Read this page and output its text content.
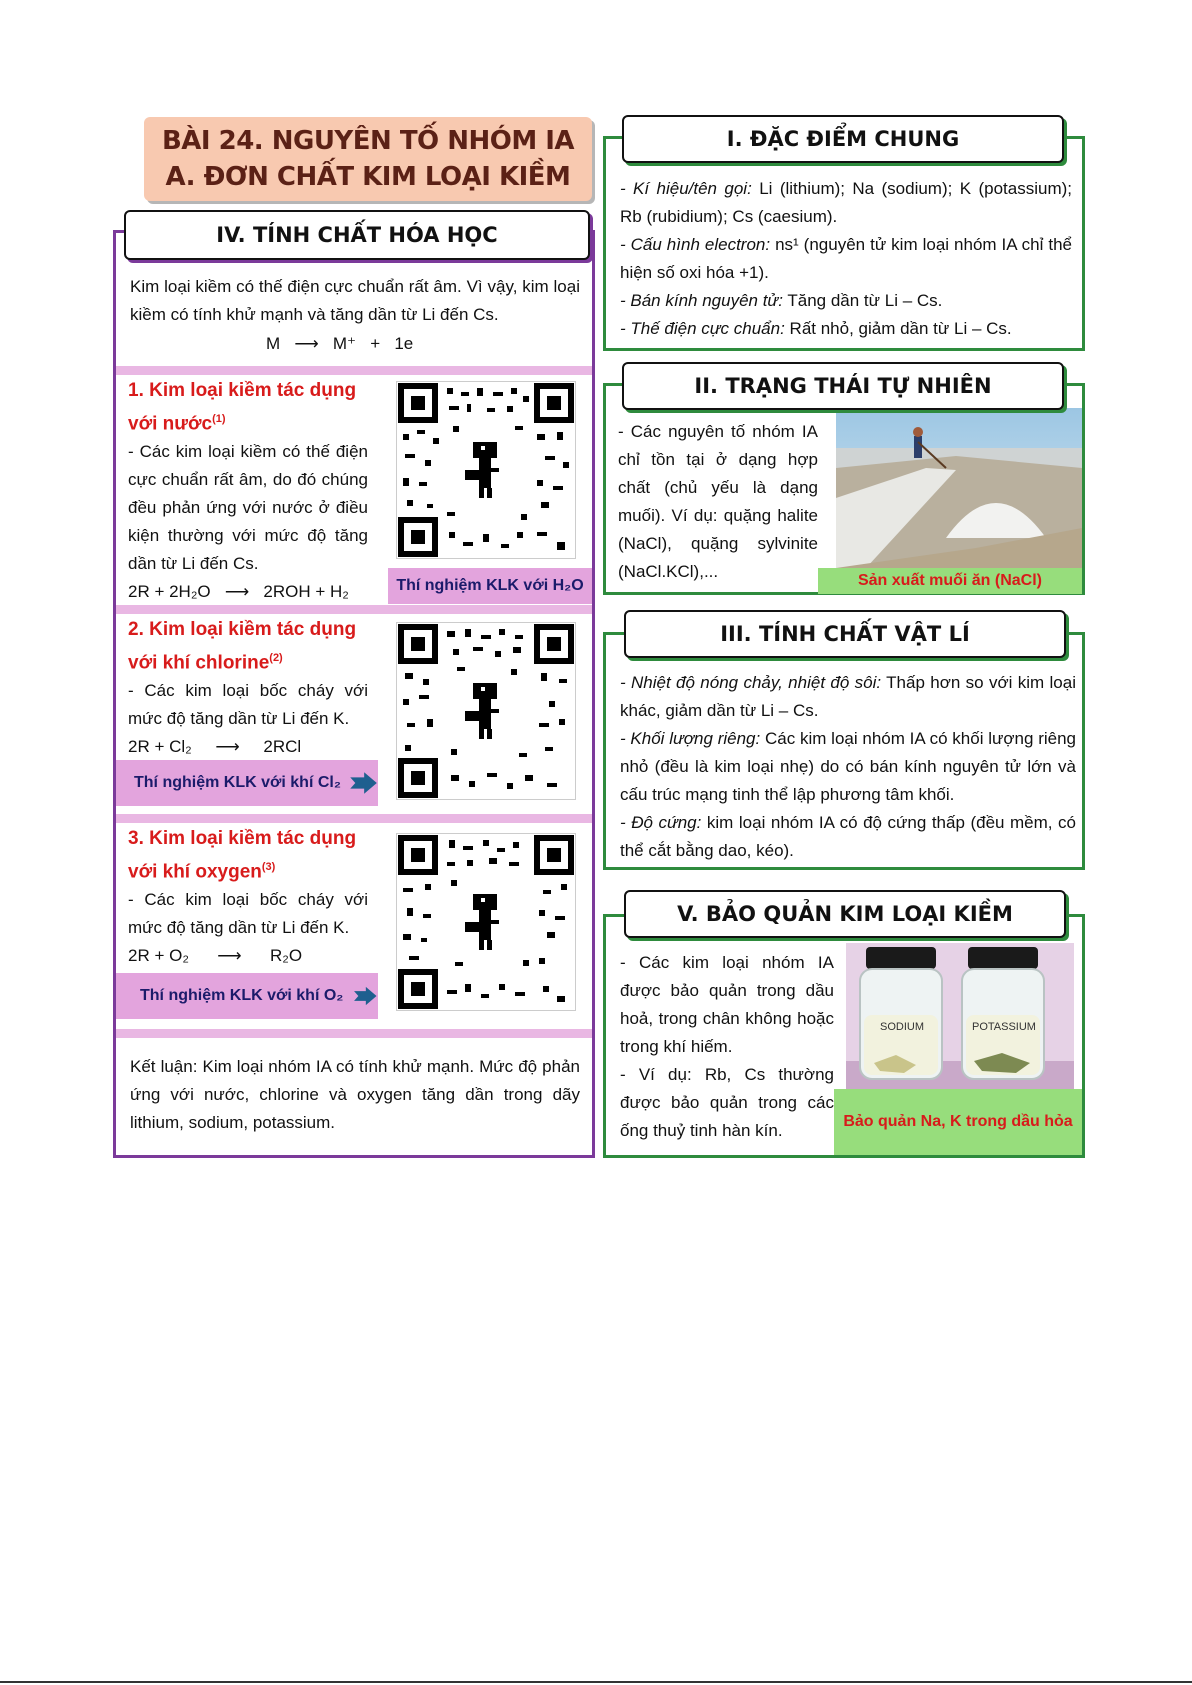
BÀI 24. NGUYÊN TỐ NHÓM IA
A. ĐƠN CHẤT KIM LOẠI KIỀM
Kim loại kiềm có thế điện cực chuẩn rất âm. Vì vậy, kim loại kiềm có tính khử mạnh và tăng dần từ Li đến Cs.
M ⟶ M⁺ + 1e
1. Kim loại kiềm tác dụng với nước$^{(1)}$
- Các kim loại kiềm có thế điện cực chuẩn rất âm, do đó chúng đều phản ứng với nước ở điều kiện thường với mức độ tăng dần từ Li đến Cs.
2R + 2H₂O ⟶ 2ROH + H₂	Thí nghiệm KLK với H₂O
2. Kim loại kiềm tác dụng với khí chlorine$^{(2)}$
- Các kim loại bốc cháy với mức độ tăng dần từ Li đến K.
2R + Cl₂ ⟶ 2RCl
Thí nghiệm KLK với khí Cl₂
3. Kim loại kiềm tác dụng với khí oxygen$^{(3)}$
- Các kim loại bốc cháy với mức độ tăng dần từ Li đến K.
2R + O₂ ⟶ R₂O
Thí nghiệm KLK với khí O₂
Kết luận: Kim loại nhóm IA có tính khử mạnh. Mức độ phản ứng với nước, chlorine và oxygen tăng dần trong dãy lithium, sodium, potassium.
IV. TÍNH CHẤT HÓA HỌC
- Kí hiệu/tên gọi: Li (lithium); Na (sodium); K (potassium); Rb (rubidium); Cs (caesium).
- Cấu hình electron: ns¹ (nguyên tử kim loại nhóm IA chỉ thể hiện số oxi hóa +1).
- Bán kính nguyên tử: Tăng dần từ Li – Cs.
- Thế điện cực chuẩn: Rất nhỏ, giảm dần từ Li – Cs.
I. ĐẶC ĐIỂM CHUNG
- Các nguyên tố nhóm IA chỉ tồn tại ở dạng hợp chất (chủ yếu là dạng muối). Ví dụ: quặng halite (NaCl), quặng sylvinite (NaCl.KCl),...	Sản xuất muối ăn (NaCl)
II. TRẠNG THÁI TỰ NHIÊN
- Nhiệt độ nóng chảy, nhiệt độ sôi: Thấp hơn so với kim loại khác, giảm dần từ Li – Cs.
- Khối lượng riêng: Các kim loại nhóm IA có khối lượng riêng nhỏ (đều là kim loại nhẹ) do có bán kính nguyên tử lớn và cấu trúc mạng tinh thể lập phương tâm khối.
- Độ cứng: kim loại nhóm IA có độ cứng thấp (đều mềm, có thể cắt bằng dao, kéo).
III. TÍNH CHẤT VẬT LÍ
- Các kim loại nhóm IA được bảo quản trong dầu hoả, trong chân không hoặc trong khí hiếm.
- Ví dụ: Rb, Cs thường được bảo quản trong các ống thuỷ tinh hàn kín.
SODIUM	POTASSIUM
Bảo quản Na, K trong dầu hỏa
V. BẢO QUẢN KIM LOẠI KIỀM
